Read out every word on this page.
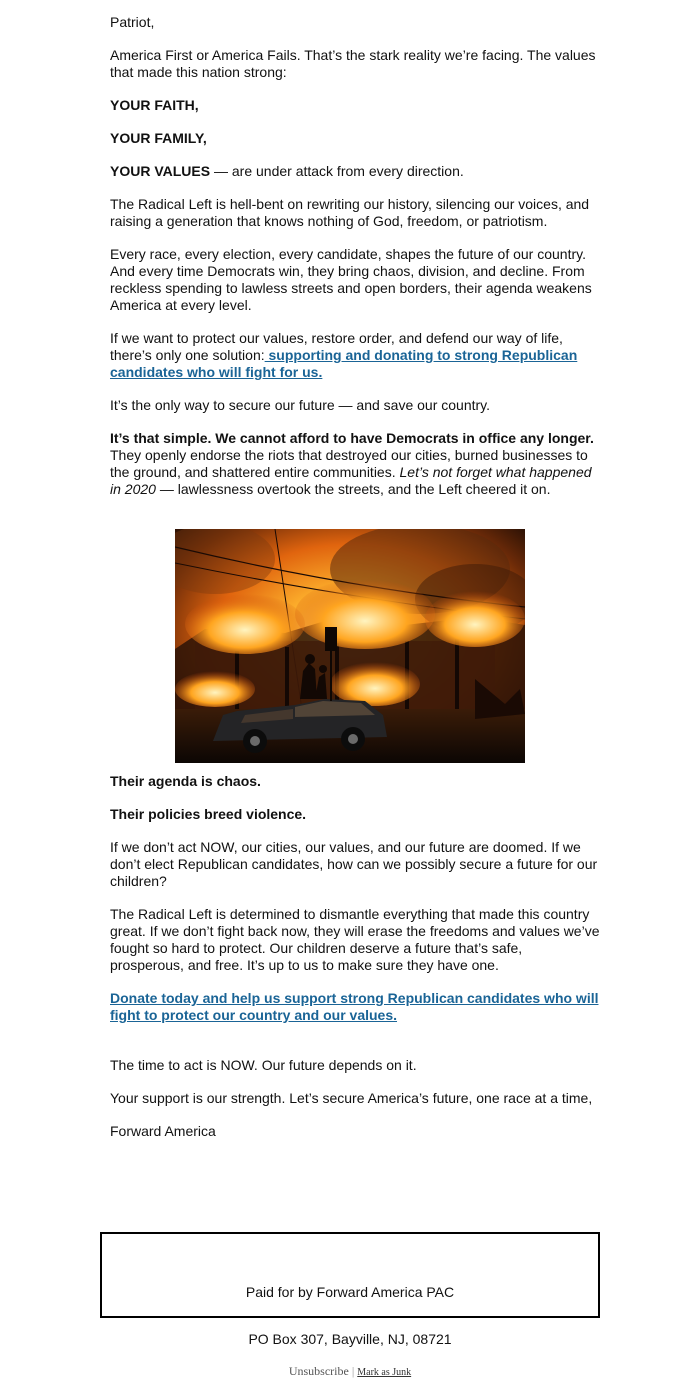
Patriot,

America First or America Fails. That’s the stark reality we’re facing. The values that made this nation strong:

YOUR FAITH,

YOUR FAMILY,

YOUR VALUES — are under attack from every direction.

The Radical Left is hell-bent on rewriting our history, silencing our voices, and raising a generation that knows nothing of God, freedom, or patriotism.

Every race, every election, every candidate, shapes the future of our country. And every time Democrats win, they bring chaos, division, and decline. From reckless spending to lawless streets and open borders, their agenda weakens America at every level.

If we want to protect our values, restore order, and defend our way of life, there’s only one solution: supporting and donating to strong Republican candidates who will fight for us.

It’s the only way to secure our future — and save our country.

It’s that simple. We cannot afford to have Democrats in office any longer. They openly endorse the riots that destroyed our cities, burned businesses to the ground, and shattered entire communities. Let’s not forget what happened in 2020 — lawlessness overtook the streets, and the Left cheered it on.

Their agenda is chaos.

Their policies breed violence.

If we don’t act NOW, our cities, our values, and our future are doomed. If we don’t elect Republican candidates, how can we possibly secure a future for our children?

The Radical Left is determined to dismantle everything that made this country great. If we don’t fight back now, they will erase the freedoms and values we’ve fought so hard to protect. Our children deserve a future that’s safe, prosperous, and free. It’s up to us to make sure they have one.

Donate today and help us support strong Republican candidates who will fight to protect our country and our values.

The time to act is NOW. Our future depends on it.

Your support is our strength. Let’s secure America’s future, one race at a time,

Forward America

Paid for by Forward America PAC
PO Box 307, Bayville, NJ, 08721
Unsubscribe | Mark as Junk
